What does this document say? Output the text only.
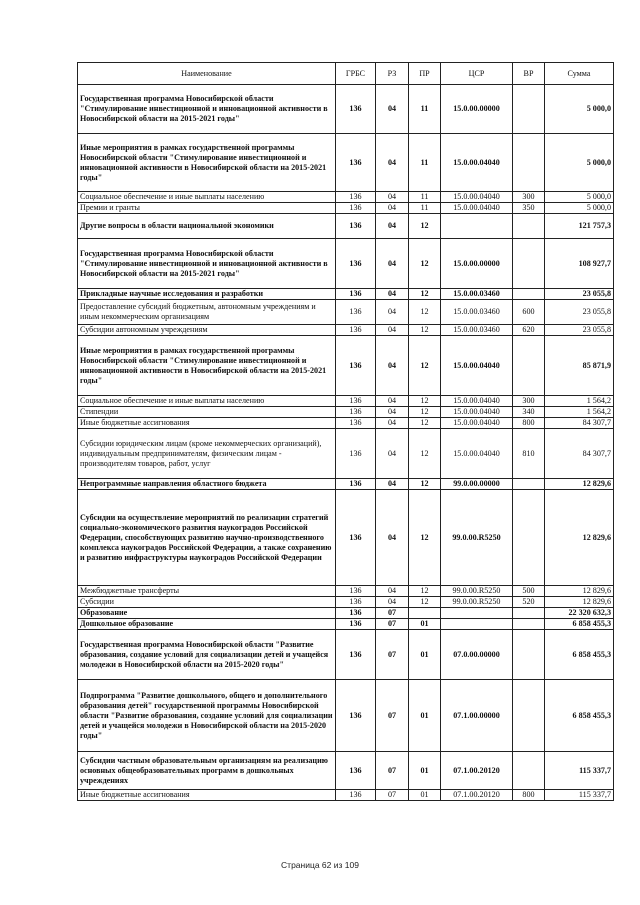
Наименование	ГРБС	РЗ	ПР	ЦСР	ВР	Сумма
Государственная программа Новосибирской области "Стимулирование инвестиционной и инновационной активности в Новосибирской области на 2015-2021 годы"	136	04	11	15.0.00.00000		5 000,0
Иные мероприятия в рамках государственной программы Новосибирской области "Стимулирование инвестиционной и инновационной активности в Новосибирской области на 2015-2021 годы"	136	04	11	15.0.00.04040		5 000,0
Социальное обеспечение и иные выплаты населению	136	04	11	15.0.00.04040	300	5 000,0
Премии и гранты	136	04	11	15.0.00.04040	350	5 000,0
Другие вопросы в области национальной экономики	136	04	12			121 757,3
Государственная программа Новосибирской области "Стимулирование инвестиционной и инновационной активности в Новосибирской области на 2015-2021 годы"	136	04	12	15.0.00.00000		108 927,7
Прикладные научные исследования и разработки	136	04	12	15.0.00.03460		23 055,8
Предоставление субсидий бюджетным, автономным учреждениям и иным некоммерческим организациям	136	04	12	15.0.00.03460	600	23 055,8
Субсидии автономным учреждениям	136	04	12	15.0.00.03460	620	23 055,8
Иные мероприятия в рамках государственной программы Новосибирской области "Стимулирование инвестиционной и инновационной активности в Новосибирской области на 2015-2021 годы"	136	04	12	15.0.00.04040		85 871,9
Социальное обеспечение и иные выплаты населению	136	04	12	15.0.00.04040	300	1 564,2
Стипендии	136	04	12	15.0.00.04040	340	1 564,2
Иные бюджетные ассигнования	136	04	12	15.0.00.04040	800	84 307,7
Субсидии юридическим лицам (кроме некоммерческих организаций), индивидуальным предпринимателям, физическим лицам - производителям товаров, работ, услуг	136	04	12	15.0.00.04040	810	84 307,7
Непрограммные направления областного бюджета	136	04	12	99.0.00.00000		12 829,6
Субсидии на осуществление мероприятий по реализации стратегий социально-экономического развития наукоградов Российской Федерации, способствующих развитию научно-производственного комплекса наукоградов Российской Федерации, а также сохранению и развитию инфраструктуры наукоградов Российской Федерации	136	04	12	99.0.00.R5250		12 829,6
Межбюджетные трансферты	136	04	12	99.0.00.R5250	500	12 829,6
Субсидии	136	04	12	99.0.00.R5250	520	12 829,6
Образование	136	07				22 320 632,3
Дошкольное образование	136	07	01			6 858 455,3
Государственная программа Новосибирской области "Развитие образования, создание условий для социализации детей и учащейся молодежи в Новосибирской области на 2015-2020 годы"	136	07	01	07.0.00.00000		6 858 455,3
Подпрограмма "Развитие дошкольного, общего и дополнительного образования детей" государственной программы Новосибирской области "Развитие образования, создание условий для социализации детей и учащейся молодежи в Новосибирской области на 2015-2020 годы"	136	07	01	07.1.00.00000		6 858 455,3
Субсидии частным образовательным организациям на реализацию основных общеобразовательных программ в дошкольных учреждениях	136	07	01	07.1.00.20120		115 337,7
Иные бюджетные ассигнования	136	07	01	07.1.00.20120	800	115 337,7
Страница 62 из 109
